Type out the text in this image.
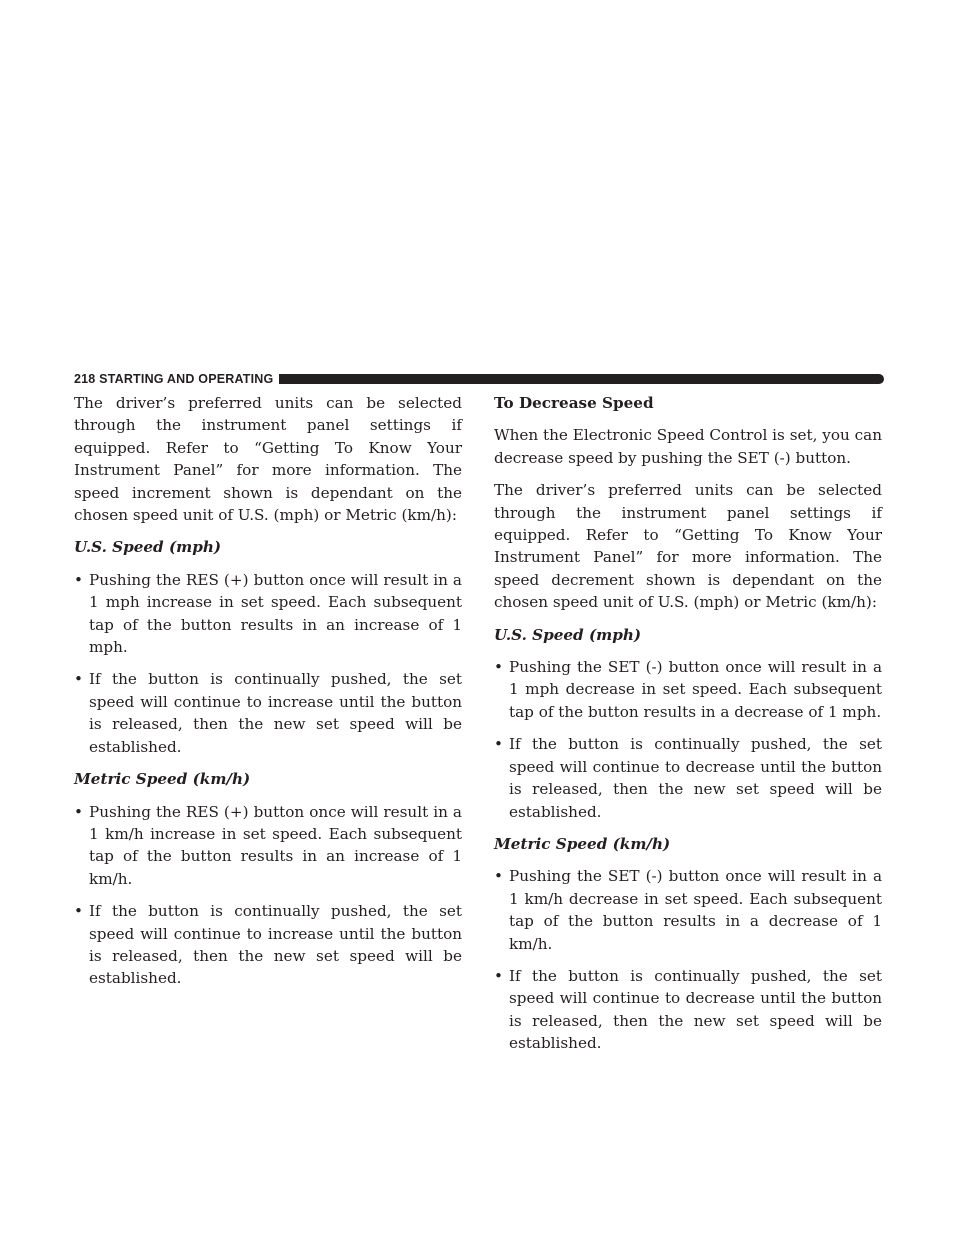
218 STARTING AND OPERATING

The driver’s preferred units can be selected through the instrument panel settings if equipped. Refer to “Getting To Know Your Instrument Panel” for more information. The speed increment shown is dependant on the chosen speed unit of U.S. (mph) or Metric (km/h):

U.S. Speed (mph)
• Pushing the RES (+) button once will result in a 1 mph increase in set speed. Each subsequent tap of the button results in an increase of 1 mph.
• If the button is continually pushed, the set speed will continue to increase until the button is released, then the new set speed will be established.
Metric Speed (km/h)
• Pushing the RES (+) button once will result in a 1 km/h increase in set speed. Each subsequent tap of the button results in an increase of 1 km/h.
• If the button is continually pushed, the set speed will continue to increase until the button is released, then the new set speed will be established.
To Decrease Speed

When the Electronic Speed Control is set, you can decrease speed by pushing the SET (-) button.

The driver’s preferred units can be selected through the instrument panel settings if equipped. Refer to “Getting To Know Your Instrument Panel” for more information. The speed decrement shown is dependant on the chosen speed unit of U.S. (mph) or Metric (km/h):

U.S. Speed (mph)
• Pushing the SET (-) button once will result in a 1 mph decrease in set speed. Each subsequent tap of the button results in a decrease of 1 mph.
• If the button is continually pushed, the set speed will continue to decrease until the button is released, then the new set speed will be established.
Metric Speed (km/h)
• Pushing the SET (-) button once will result in a 1 km/h decrease in set speed. Each subsequent tap of the button results in a decrease of 1 km/h.
• If the button is continually pushed, the set speed will continue to decrease until the button is released, then the new set speed will be established.
